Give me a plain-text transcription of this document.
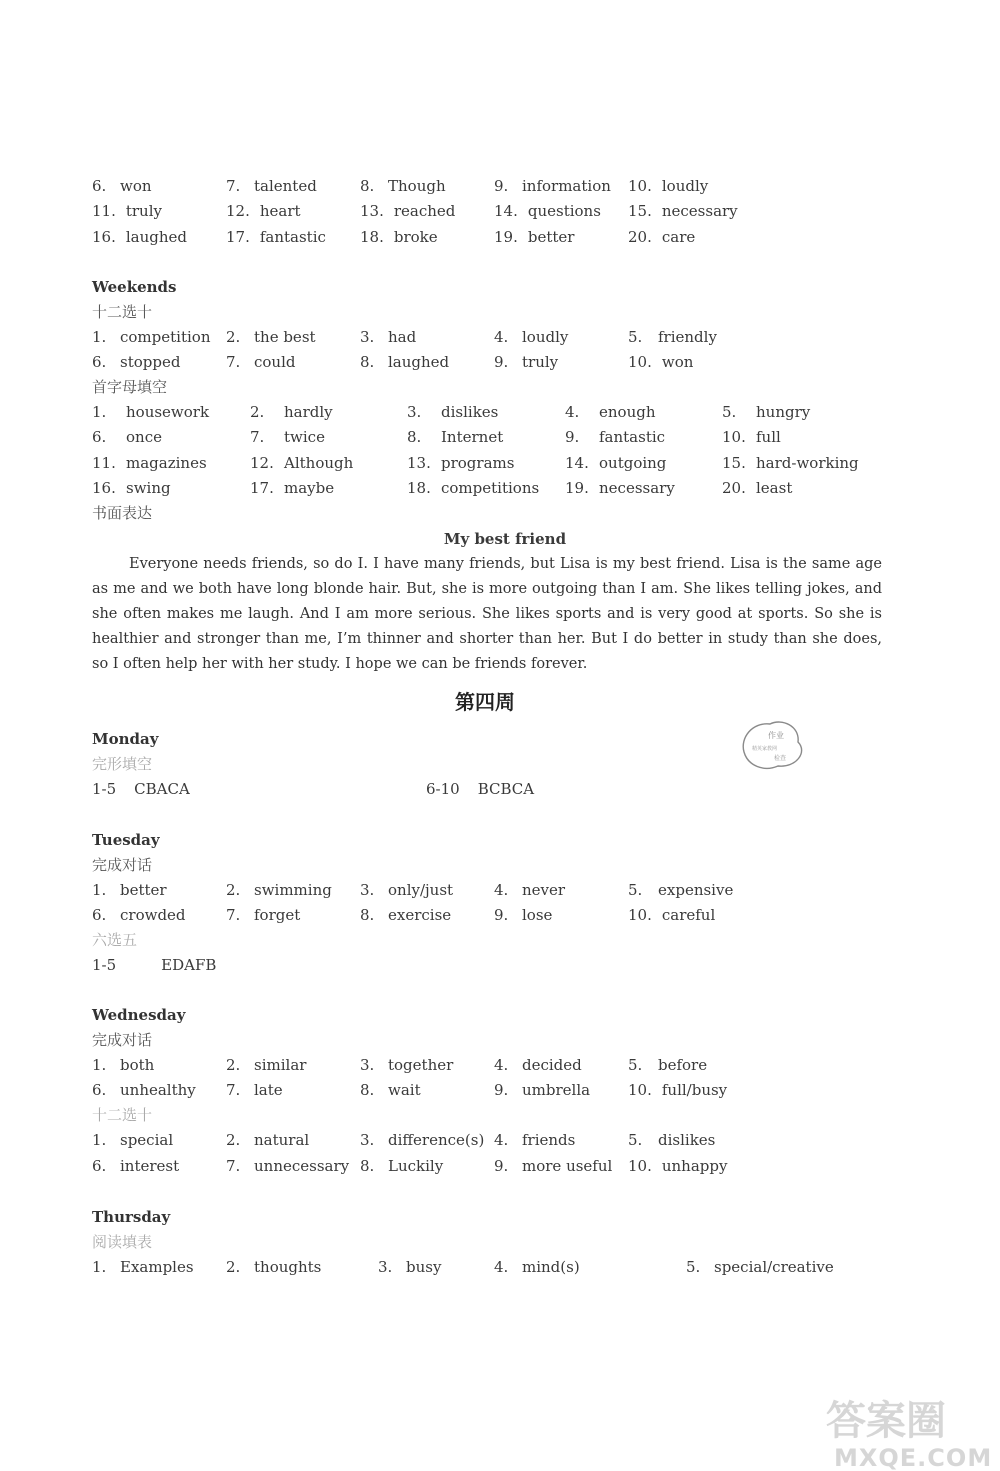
6. won	7. talented	8. Though	9. information 10. loudly
11. truly	12. heart	13. reached	14. questions 15. necessary
16. laughed	17. fantastic 18. broke	19. better	20. care
Weekends
十二选十
1. competition 2. the best	3. had	4. loudly	5. friendly
6. stopped	7. could	8. laughed	9. truly	10. won
首字母填空
1. housework	2. hardly	3. dislikes	4. enough	5. hungry
6. once	7. twice	8. Internet	9. fantastic	10. full
11. magazines	12. Although	13. programs	14. outgoing	15. hard-working
16. swing	17. maybe	18. competitions 19. necessary	20. least
书面表达
My best friend
Everyone needs friends, so do I. I have many friends, but Lisa is my best friend. Lisa is the same age as me and we both have long blonde hair. But, she is more outgoing than I am. She likes telling jokes, and she often makes me laugh. And I am more serious. She likes sports and is very good at sports. So she is healthier and stronger than me, I’m thinner and shorter than her. But I do better in study than she does, so I often help her with her study. I hope we can be friends forever.
第四周
作业
精英家教网
检查
Monday
完形填空
1-5 CBACA	6-10 BCBCA
Tuesday
完成对话
1. better	2. swimming 3. only/just	4. never	5. expensive
6. crowded	7. forget	8. exercise	9. lose	10. careful
六选五
1-5	EDAFB
Wednesday
完成对话
1. both	2. similar	3. together	4. decided	5. before
6. unhealthy 7. late	8. wait	9. umbrella	10. full/busy
十二选十
1. special	2. natural	3. difference(s) 4. friends	5. dislikes
6. interest	7. unnecessary 8. Luckily	9. more useful 10. unhappy
Thursday
阅读填表
1. Examples 2. thoughts	3. busy	4. mind(s)	5. special/creative
答案圈
MXQE.COM
